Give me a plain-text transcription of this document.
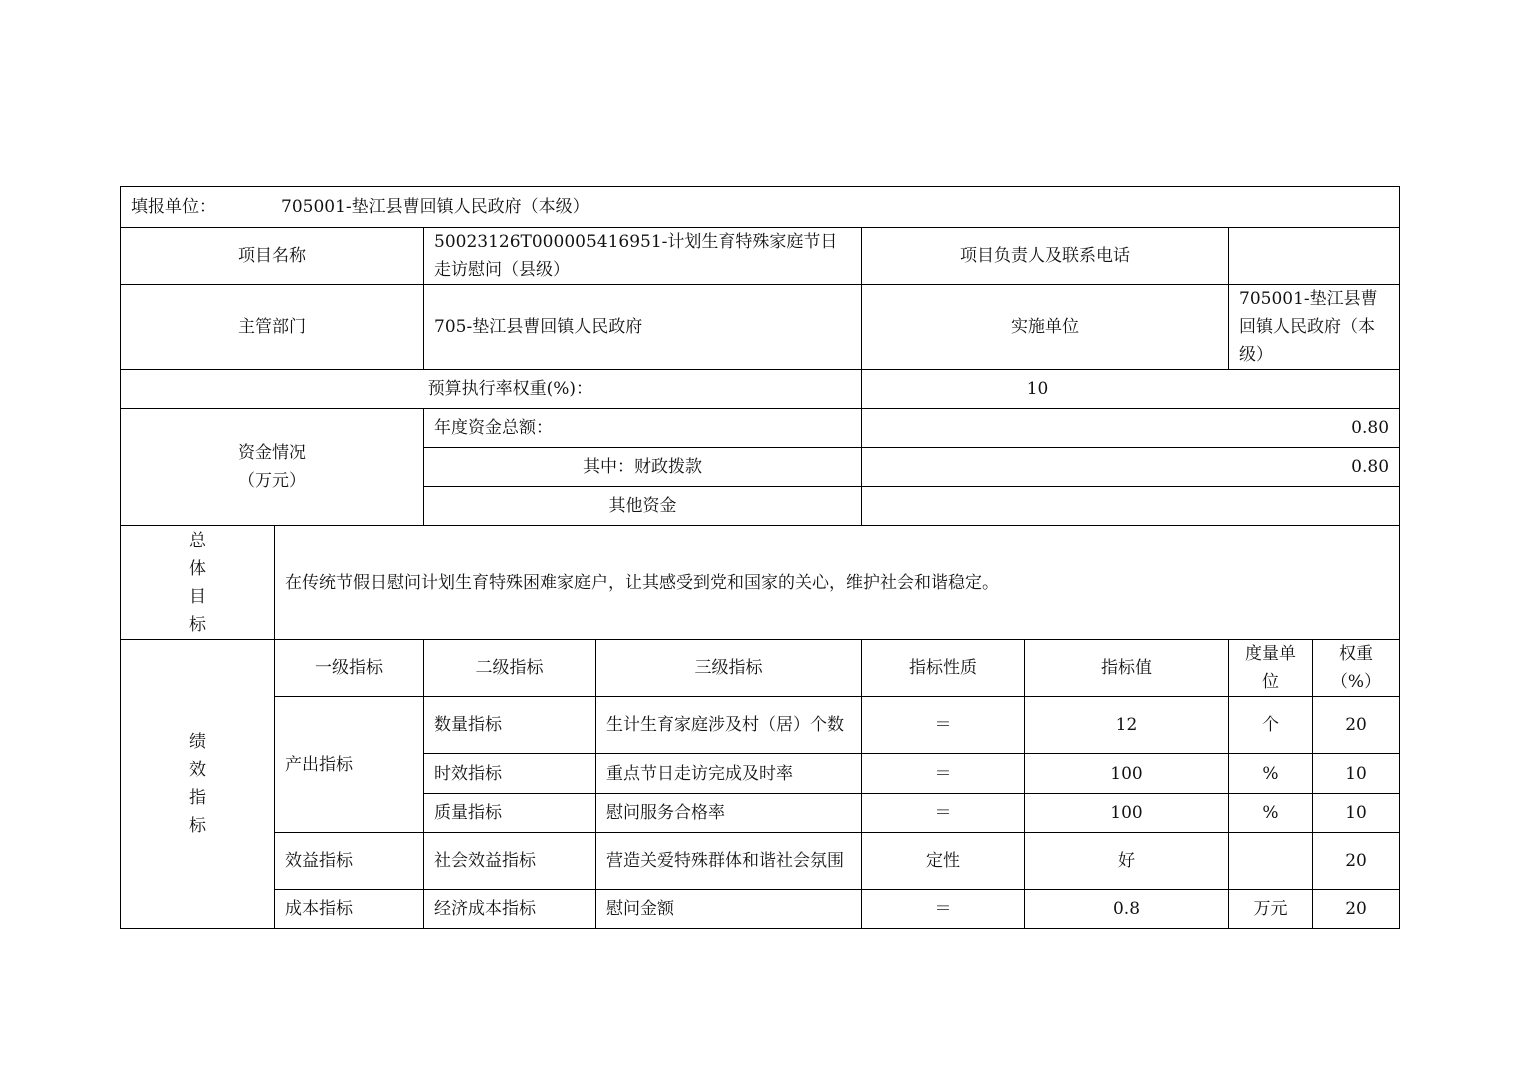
填报单位： 705001-垫江县曹回镇人民政府（本级）							
项目名称		50023126T000005416951-计划生育特殊家庭节日走访慰问（县级）		项目负责人及联系电话			
主管部门		705-垫江县曹回镇人民政府		实施单位		705001-垫江县曹回镇人民政府（本级）	
预算执行率权重(%)：				10			

资金情况
（万元）		年度资金总额：		0.80			
		其中：财政拨款		0.80			
		其他资金					

总
体
目
标	在传统节假日慰问计划生育特殊困难家庭户，让其感受到党和国家的关心，维护社会和谐稳定。						

绩
效
指
标	一级指标	二级指标	三级指标	指标性质	指标值	度量单位	权重（%）
	产出指标	数量指标	生计生育家庭涉及村（居）个数	＝	12	个	20
		时效指标	重点节日走访完成及时率	＝	100	%	10
		质量指标	慰问服务合格率	＝	100	%	10
	效益指标	社会效益指标	营造关爱特殊群体和谐社会氛围	定性	好		20
	成本指标	经济成本指标	慰问金额	＝	0.8	万元	20
